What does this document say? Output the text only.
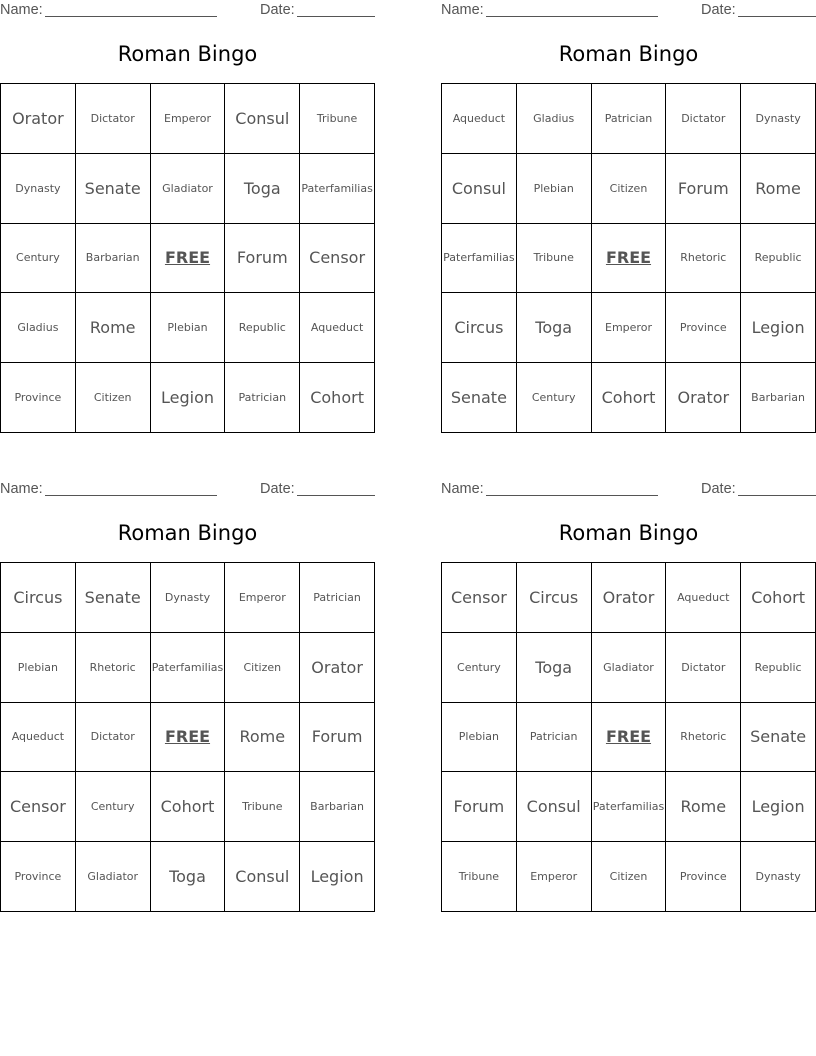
Name:	Date:
Roman Bingo
Orator	Dictator	Emperor	Consul	Tribune
Dynasty	Senate	Gladiator	Toga	Paterfamilias
Century	Barbarian	FREE	Forum	Censor
Gladius	Rome	Plebian	Republic	Aqueduct
Province	Citizen	Legion	Patrician	Cohort
Name:	Date:
Roman Bingo
Aqueduct	Gladius	Patrician	Dictator	Dynasty
Consul	Plebian	Citizen	Forum	Rome
Paterfamilias	Tribune	FREE	Rhetoric	Republic
Circus	Toga	Emperor	Province	Legion
Senate	Century	Cohort	Orator	Barbarian
Name:	Date:
Roman Bingo
Circus	Senate	Dynasty	Emperor	Patrician
Plebian	Rhetoric	Paterfamilias	Citizen	Orator
Aqueduct	Dictator	FREE	Rome	Forum
Censor	Century	Cohort	Tribune	Barbarian
Province	Gladiator	Toga	Consul	Legion
Name:	Date:
Roman Bingo
Censor	Circus	Orator	Aqueduct	Cohort
Century	Toga	Gladiator	Dictator	Republic
Plebian	Patrician	FREE	Rhetoric	Senate
Forum	Consul	Paterfamilias	Rome	Legion
Tribune	Emperor	Citizen	Province	Dynasty
